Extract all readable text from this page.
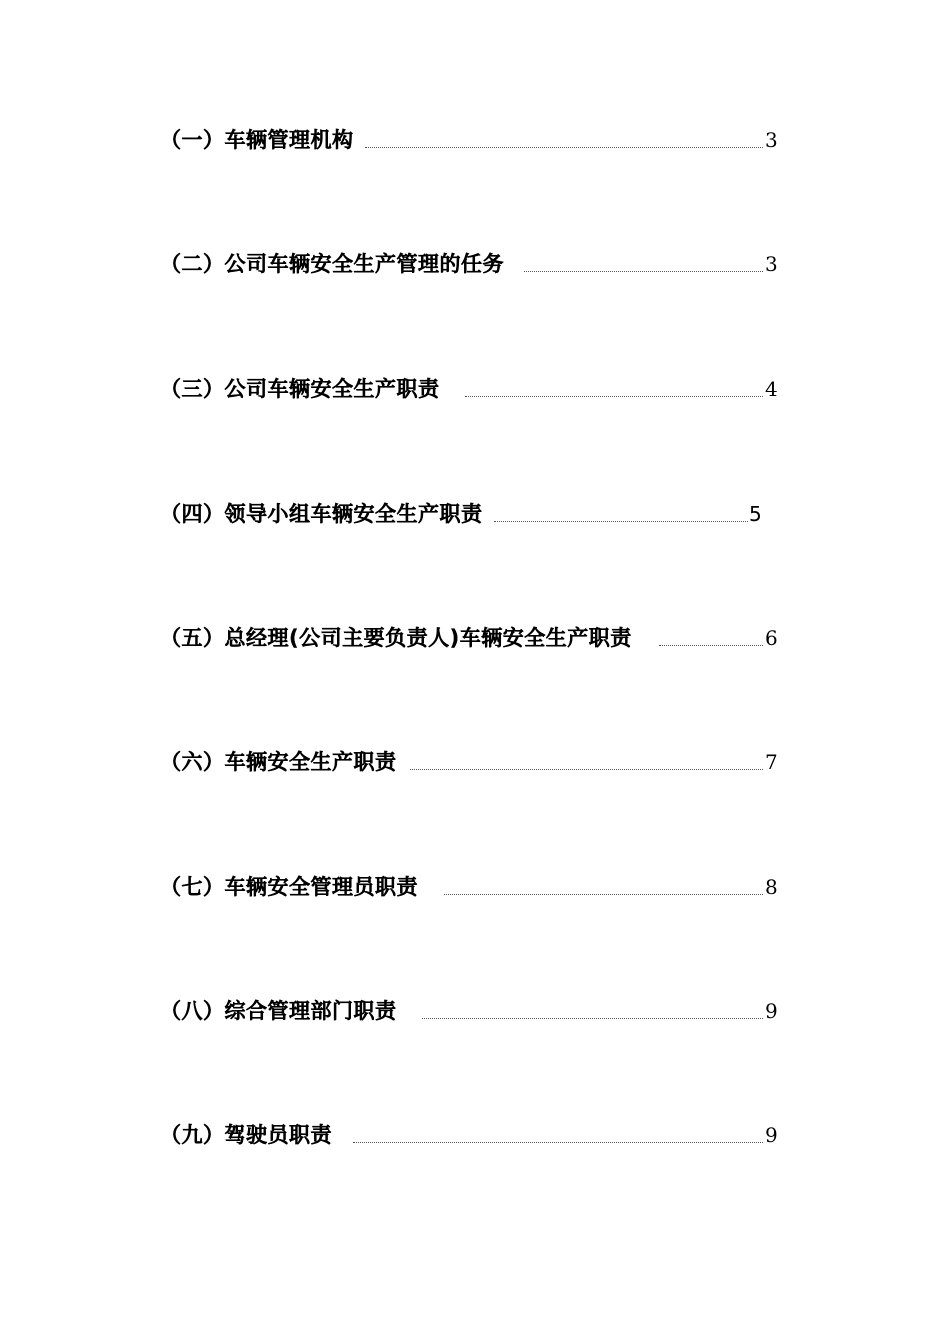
（一）车辆管理机构	3
（二）公司车辆安全生产管理的任务	3
（三）公司车辆安全生产职责	4
（四）领导小组车辆安全生产职责	5
（五）总经理(公司主要负责人)车辆安全生产职责	6
（六）车辆安全生产职责	7
（七）车辆安全管理员职责	8
（八）综合管理部门职责	9
（九）驾驶员职责	9
